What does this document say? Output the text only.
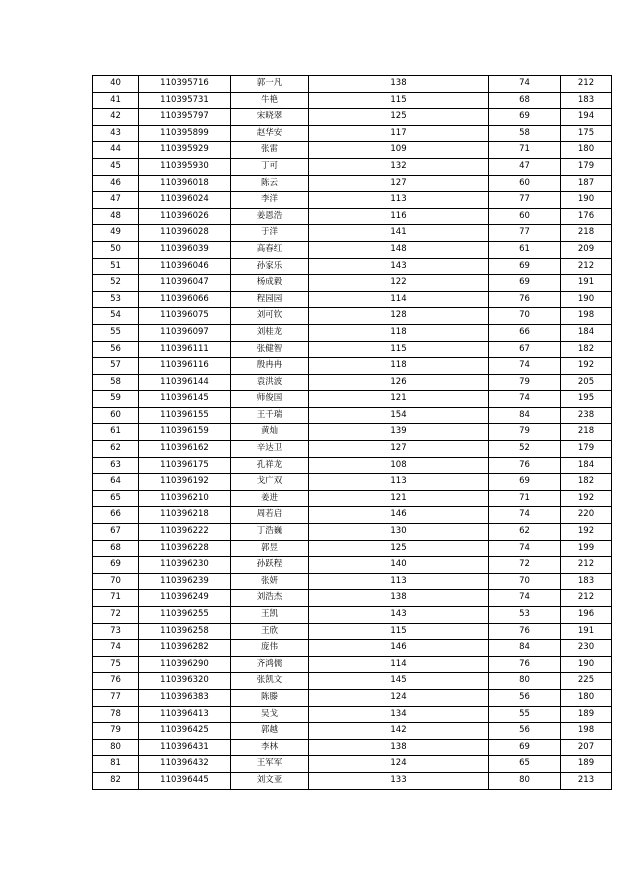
40	110395716	郭一凡	138	74	212
41	110395731	牛艳	115	68	183
42	110395797	宋晓翠	125	69	194
43	110395899	赵华安	117	58	175
44	110395929	张雷	109	71	180
45	110395930	丁可	132	47	179
46	110396018	陈云	127	60	187
47	110396024	李洋	113	77	190
48	110396026	姜恩浩	116	60	176
49	110396028	于洋	141	77	218
50	110396039	高春红	148	61	209
51	110396046	孙家乐	143	69	212
52	110396047	杨成毅	122	69	191
53	110396066	程园园	114	76	190
54	110396075	刘可钦	128	70	198
55	110396097	刘桂龙	118	66	184
56	110396111	张健智	115	67	182
57	110396116	殷冉冉	118	74	192
58	110396144	袁洪波	126	79	205
59	110396145	师俊国	121	74	195
60	110396155	王千瑞	154	84	238
61	110396159	黄灿	139	79	218
62	110396162	辛达卫	127	52	179
63	110396175	孔祥龙	108	76	184
64	110396192	戈广双	113	69	182
65	110396210	姜进	121	71	192
66	110396218	周若启	146	74	220
67	110396222	丁浩巍	130	62	192
68	110396228	郭昱	125	74	199
69	110396230	孙跃程	140	72	212
70	110396239	张妍	113	70	183
71	110396249	刘浩杰	138	74	212
72	110396255	王凯	143	53	196
73	110396258	王欣	115	76	191
74	110396282	庞伟	146	84	230
75	110396290	齐鸿儒	114	76	190
76	110396320	张凯文	145	80	225
77	110396383	陈滕	124	56	180
78	110396413	吴戈	134	55	189
79	110396425	郭越	142	56	198
80	110396431	李林	138	69	207
81	110396432	王军军	124	65	189
82	110396445	刘文亚	133	80	213
